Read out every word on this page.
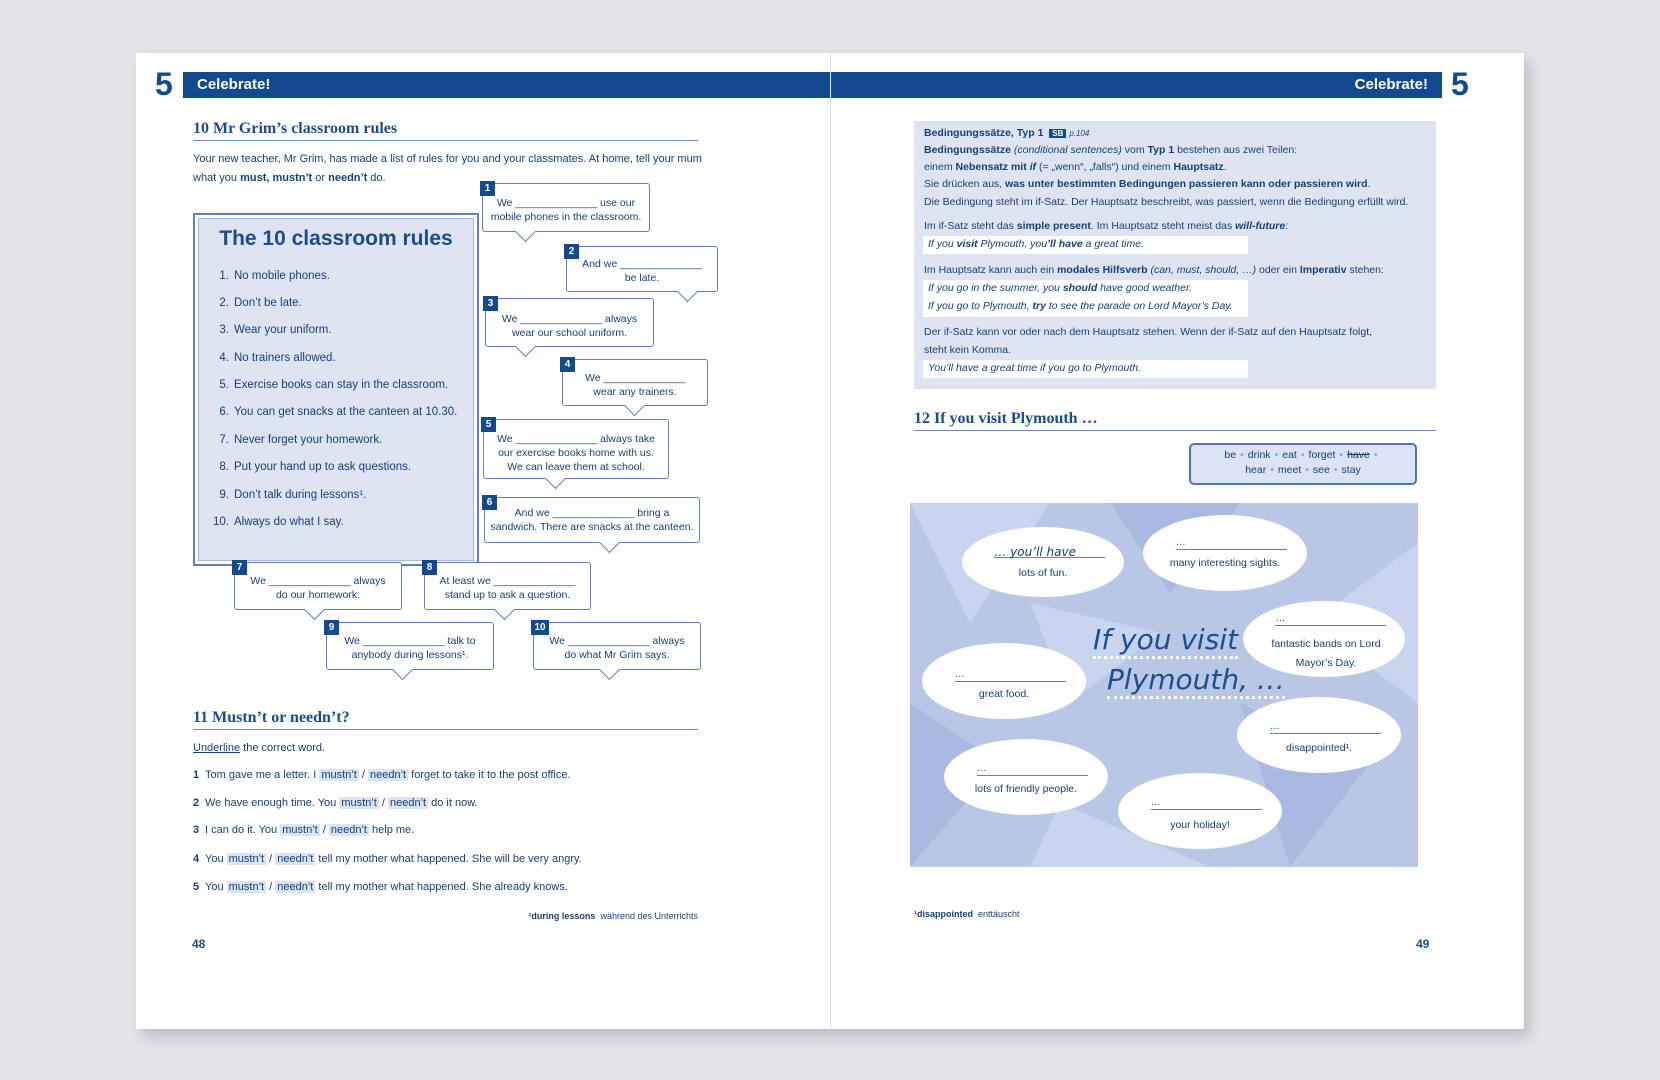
5	Celebrate!
10 Mr Grim’s classroom rules
Your new teacher, Mr Grim, has made a list of rules for you and your classmates. At home, tell your mum
what you must, mustn’t or needn’t do.
The 10 classroom rules
1. No mobile phones.
2. Don’t be late.
3. Wear your uniform.
4. No trainers allowed.
5. Exercise books can stay in the classroom.
6. You can get snacks at the canteen at 10.30.
7. Never forget your homework.
8. Put your hand up to ask questions.
9. Don’t talk during lessons¹.
10. Always do what I say.
1
We ______________ use our
mobile phones in the classroom.
2
And we ______________
be late.
3
We ______________ always
wear our school uniform.
4
We ______________
wear any trainers.
5
We ______________ always take
our exercise books home with us.
We can leave them at school.
6
And we ______________ bring a
sandwich. There are snacks at the canteen.
7
We ______________ always
do our homework.
8
At least we ______________
stand up to ask a question.
9
We ______________ talk to
anybody during lessons¹.
10
We ______________ always
do what Mr Grim says.
11 Mustn’t or needn’t?
Underline the correct word.
1 Tom gave me a letter. I mustn’t / needn’t forget to take it to the post office.
2 We have enough time. You mustn’t / needn’t do it now.
3 I can do it. You mustn’t / needn’t help me.
4 You mustn’t / needn’t tell my mother what happened. She will be very angry.
5 You mustn’t / needn’t tell my mother what happened. She already knows.
¹during lessons während des Unterrichts
48
Celebrate! 5
Bedingungssätze, Typ 1 SB p.104
Bedingungssätze (conditional sentences) vom Typ 1 bestehen aus zwei Teilen:
einem Nebensatz mit if (= „wenn“, „falls“) und einem Hauptsatz.
Sie drücken aus, was unter bestimmten Bedingungen passieren kann oder passieren wird.
Die Bedingung steht im if-Satz. Der Hauptsatz beschreibt, was passiert, wenn die Bedingung erfüllt wird.
Im if-Satz steht das simple present. Im Hauptsatz steht meist das will-future:
If you visit Plymouth, you’ll have a great time.
Im Hauptsatz kann auch ein modales Hilfsverb (can, must, should, …) oder ein Imperativ stehen:
If you go in the summer, you should have good weather.
If you go to Plymouth, try to see the parade on Lord Mayor’s Day.
Der if-Satz kann vor oder nach dem Hauptsatz stehen. Wenn der if-Satz auf den Hauptsatz folgt,
steht kein Komma.
You’ll have a great time if you go to Plymouth.
12 If you visit Plymouth …

be • drink • eat • forget • have •
hear • meet • see • stay
… you’ll have
lots of fun.
…
many interesting sights.
…
fantastic bands on Lord Mayor’s Day.
…
great food.
…
disappointed¹.
…
lots of friendly people.
…
your holiday!
If you visit
Plymouth, …
¹disappointed enttäuscht
49
